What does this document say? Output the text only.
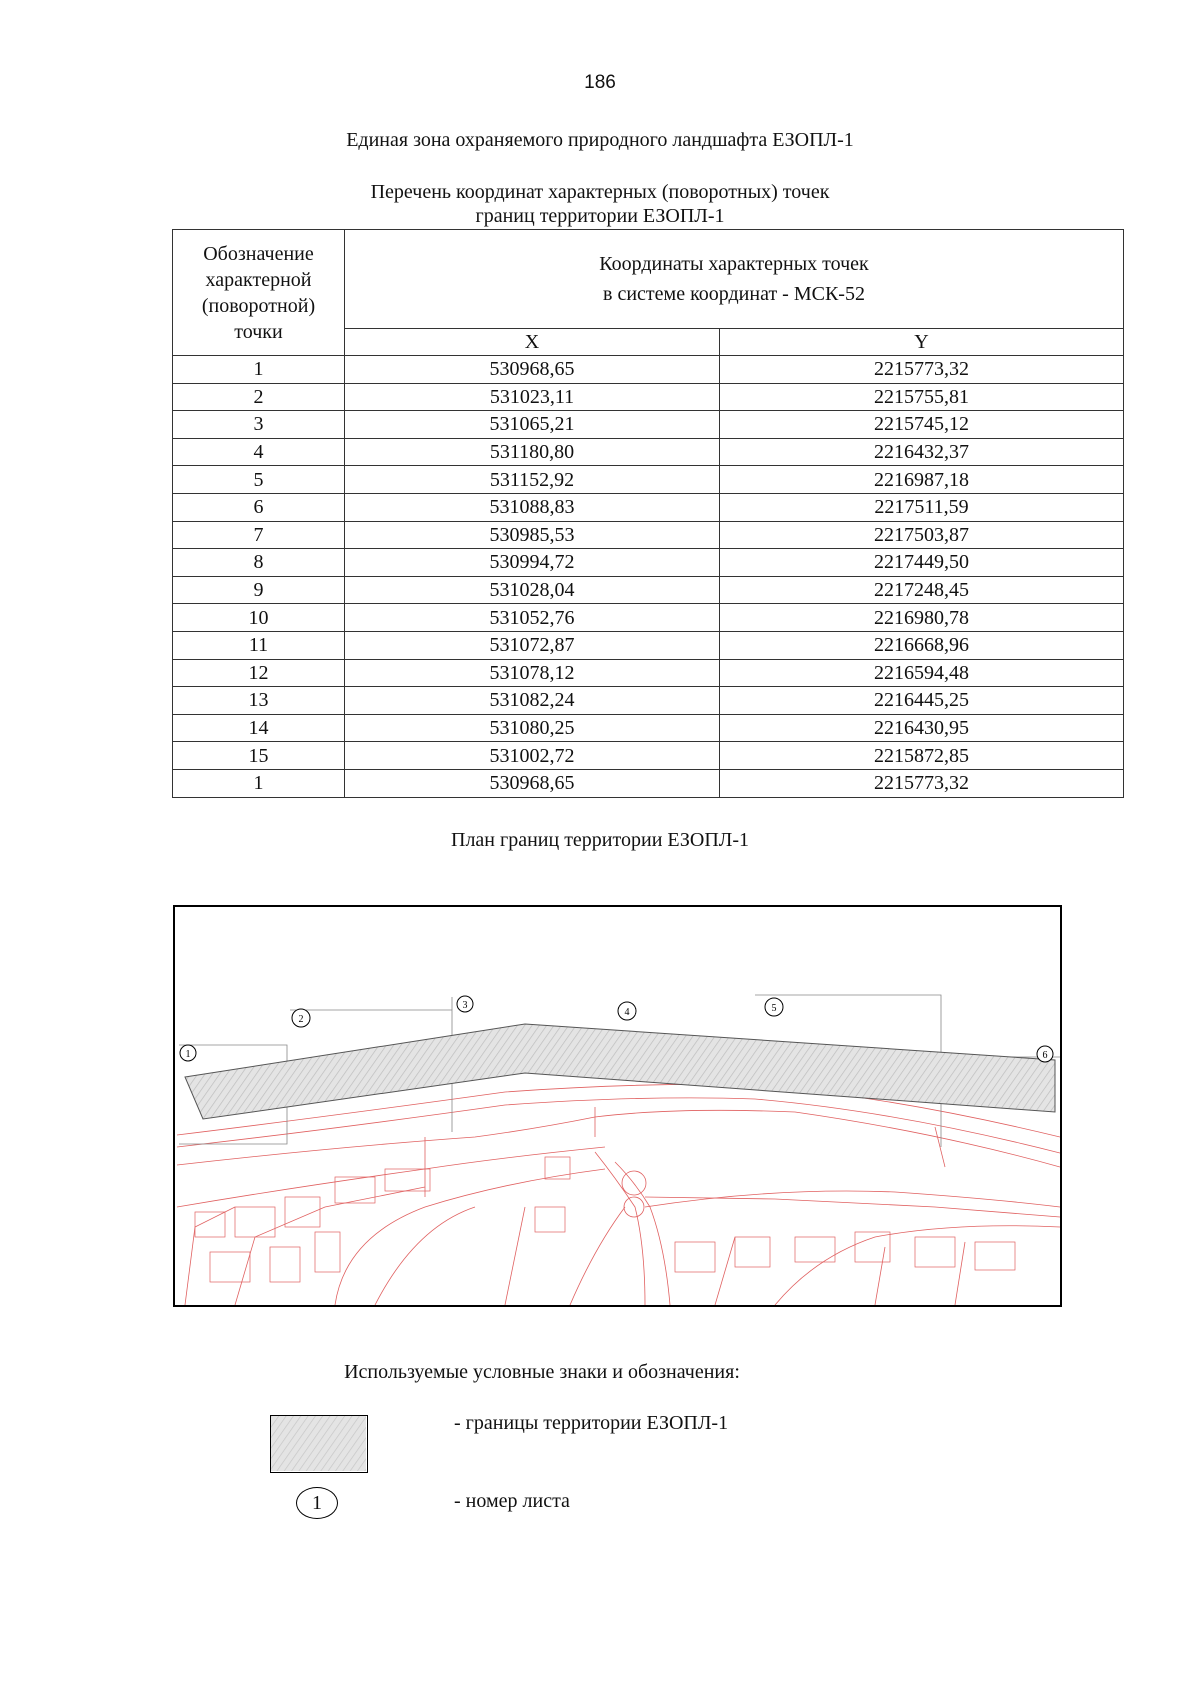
186
Единая зона охраняемого природного ландшафта ЕЗОПЛ-1
Перечень координат характерных (поворотных) точек
границ территории ЕЗОПЛ-1
Обозначение характерной (поворотной) точки	Координаты характерных точек
в системе координат - МСК-52	

	X	Y
1	530968,65	2215773,32
2	531023,11	2215755,81
3	531065,21	2215745,12
4	531180,80	2216432,37
5	531152,92	2216987,18
6	531088,83	2217511,59
7	530985,53	2217503,87
8	530994,72	2217449,50
9	531028,04	2217248,45
10	531052,76	2216980,78
11	531072,87	2216668,96
12	531078,12	2216594,48
13	531082,24	2216445,25
14	531080,25	2216430,95
15	531002,72	2215872,85
1	530968,65	2215773,32
План границ территории ЕЗОПЛ-1
1
2
3
4	5
6
Используемые условные знаки и обозначения:
- границы территории ЕЗОПЛ-1
1	- номер листа
